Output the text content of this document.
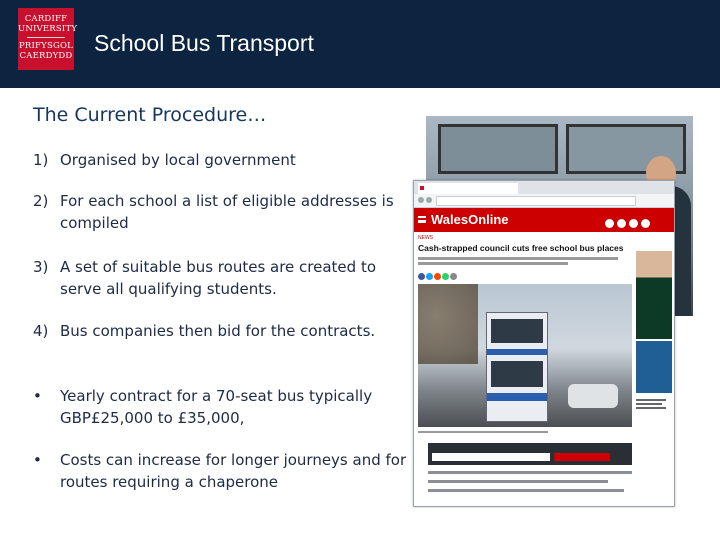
CARDIFF
UNIVERSITY
PRIFYSGOL
CAERDYDD School Bus Transport
The Current Procedure…
1) Organised by local government
2) For each school a list of eligible addresses is compiled
3) A set of suitable bus routes are created to serve all qualifying students.
4) Bus companies then bid for the contracts.
• Yearly contract for a 70-seat bus typically GBP£25,000 to £35,000,
• Costs can increase for longer journeys and for routes requiring a chaperone
WalesOnline
NEWS
Cash-strapped council cuts free school bus places
